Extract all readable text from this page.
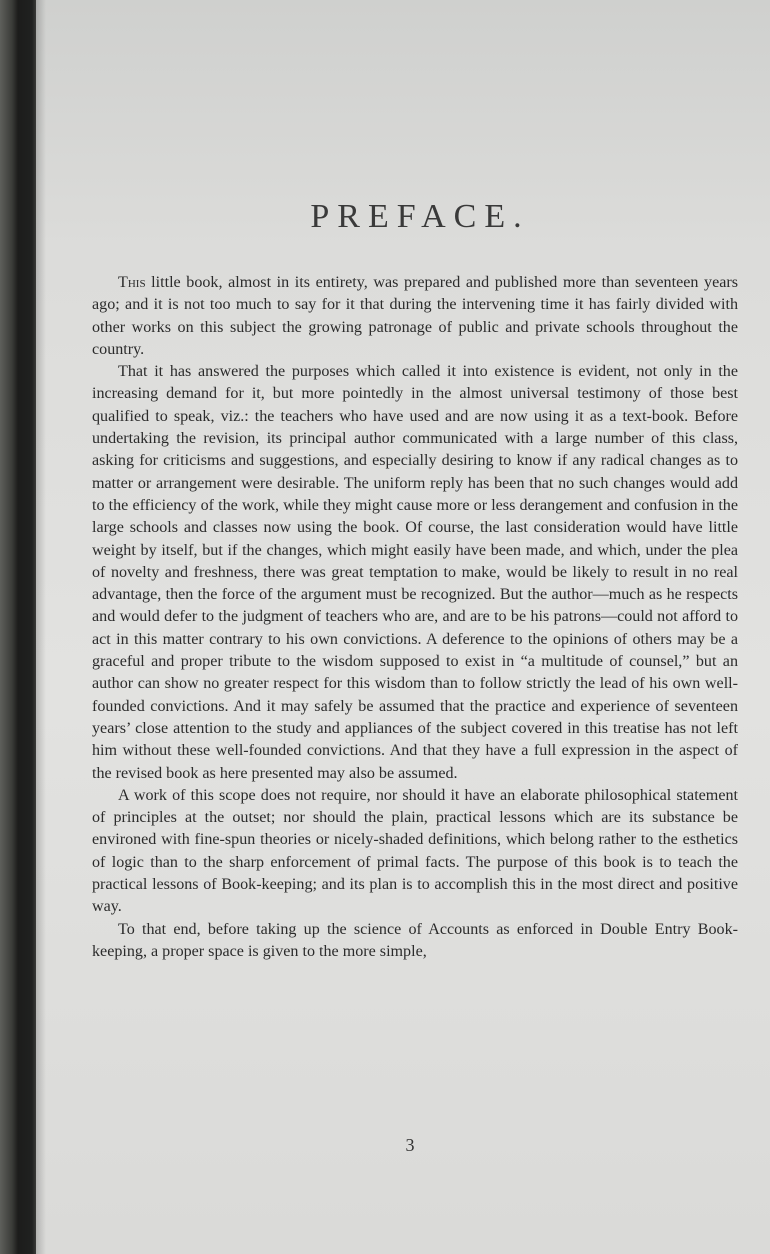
PREFACE.

This little book, almost in its entirety, was prepared and published more than seventeen years ago; and it is not too much to say for it that during the intervening time it has fairly divided with other works on this subject the growing patronage of public and private schools throughout the country.

That it has answered the purposes which called it into existence is evident, not only in the increasing demand for it, but more pointedly in the almost universal testimony of those best qualified to speak, viz.: the teachers who have used and are now using it as a text-book. Before undertaking the revision, its principal author communicated with a large number of this class, asking for criticisms and suggestions, and especially desiring to know if any radical changes as to matter or arrangement were desirable. The uniform reply has been that no such changes would add to the efficiency of the work, while they might cause more or less derangement and confusion in the large schools and classes now using the book. Of course, the last consideration would have little weight by itself, but if the changes, which might easily have been made, and which, under the plea of novelty and freshness, there was great temptation to make, would be likely to result in no real advantage, then the force of the argument must be recognized. But the author—much as he respects and would defer to the judgment of teachers who are, and are to be his patrons—could not afford to act in this matter contrary to his own convictions. A deference to the opinions of others may be a graceful and proper tribute to the wisdom supposed to exist in “a multitude of counsel,” but an author can show no greater respect for this wisdom than to follow strictly the lead of his own well-founded convictions. And it may safely be assumed that the practice and experience of seventeen years’ close attention to the study and appliances of the subject covered in this treatise has not left him without these well-founded convictions. And that they have a full expression in the aspect of the revised book as here presented may also be assumed.

A work of this scope does not require, nor should it have an elaborate philosophical statement of principles at the outset; nor should the plain, practical lessons which are its substance be environed with fine-spun theories or nicely-shaded definitions, which belong rather to the esthetics of logic than to the sharp enforcement of primal facts. The purpose of this book is to teach the practical lessons of Book-keeping; and its plan is to accomplish this in the most direct and positive way.

To that end, before taking up the science of Accounts as enforced in Double Entry Book-keeping, a proper space is given to the more simple,

3
